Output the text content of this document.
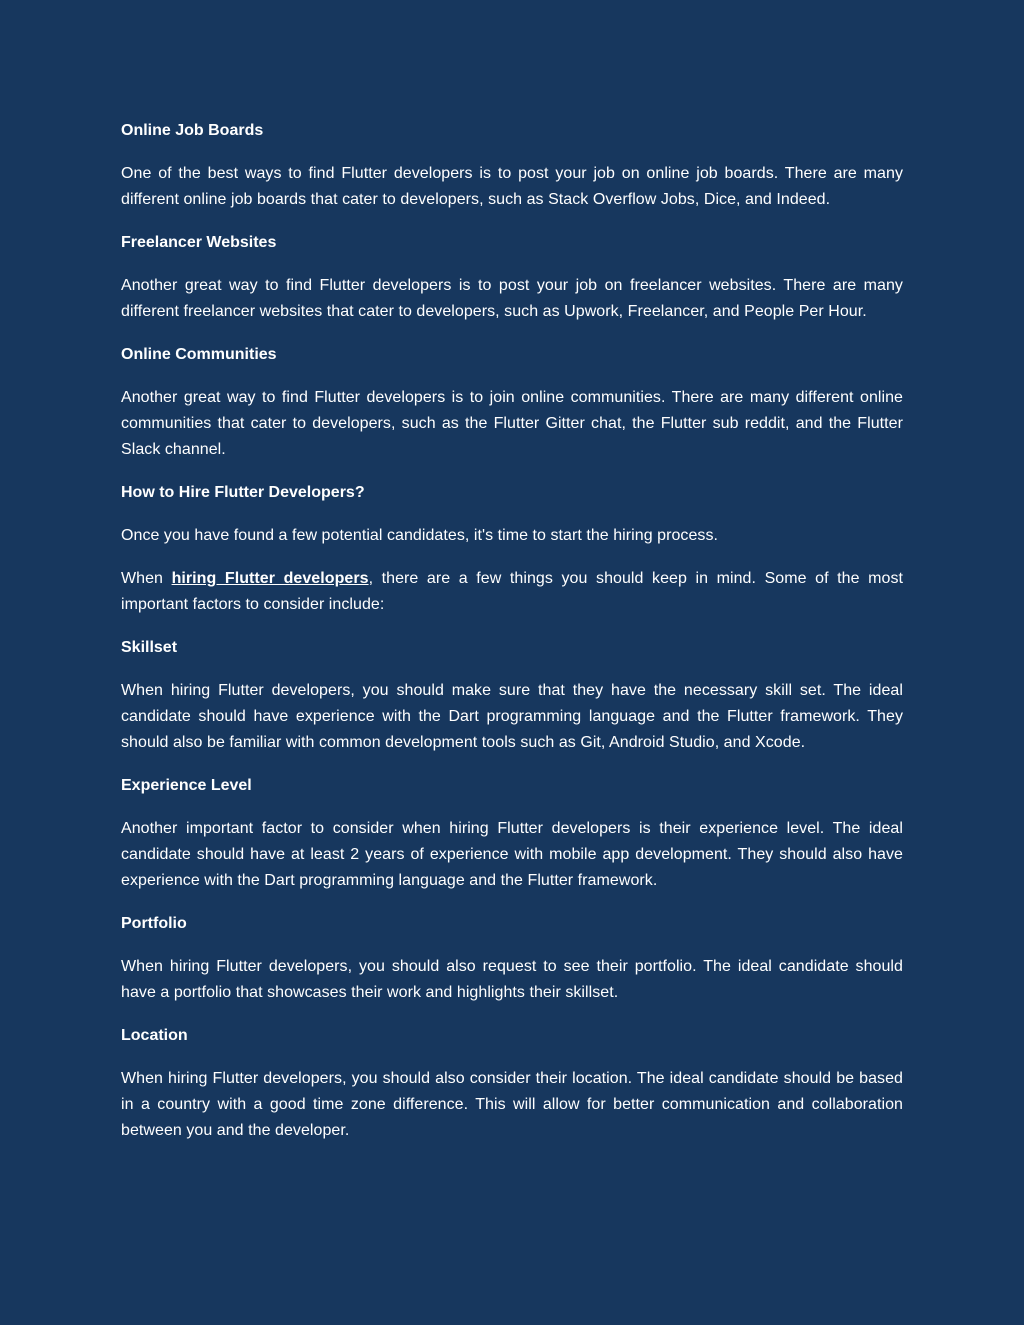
Online Job Boards

One of the best ways to find Flutter developers is to post your job on online job boards. There are many different online job boards that cater to developers, such as Stack Overflow Jobs, Dice, and Indeed.

Freelancer Websites

Another great way to find Flutter developers is to post your job on freelancer websites. There are many different freelancer websites that cater to developers, such as Upwork, Freelancer, and People Per Hour.

Online Communities

Another great way to find Flutter developers is to join online communities. There are many different online communities that cater to developers, such as the Flutter Gitter chat, the Flutter sub reddit, and the Flutter Slack channel.

How to Hire Flutter Developers?

Once you have found a few potential candidates, it's time to start the hiring process.

When hiring Flutter developers, there are a few things you should keep in mind. Some of the most important factors to consider include:

Skillset

When hiring Flutter developers, you should make sure that they have the necessary skill set. The ideal candidate should have experience with the Dart programming language and the Flutter framework. They should also be familiar with common development tools such as Git, Android Studio, and Xcode.

Experience Level

Another important factor to consider when hiring Flutter developers is their experience level. The ideal candidate should have at least 2 years of experience with mobile app development. They should also have experience with the Dart programming language and the Flutter framework.

Portfolio

When hiring Flutter developers, you should also request to see their portfolio. The ideal candidate should have a portfolio that showcases their work and highlights their skillset.

Location

When hiring Flutter developers, you should also consider their location. The ideal candidate should be based in a country with a good time zone difference. This will allow for better communication and collaboration between you and the developer.
